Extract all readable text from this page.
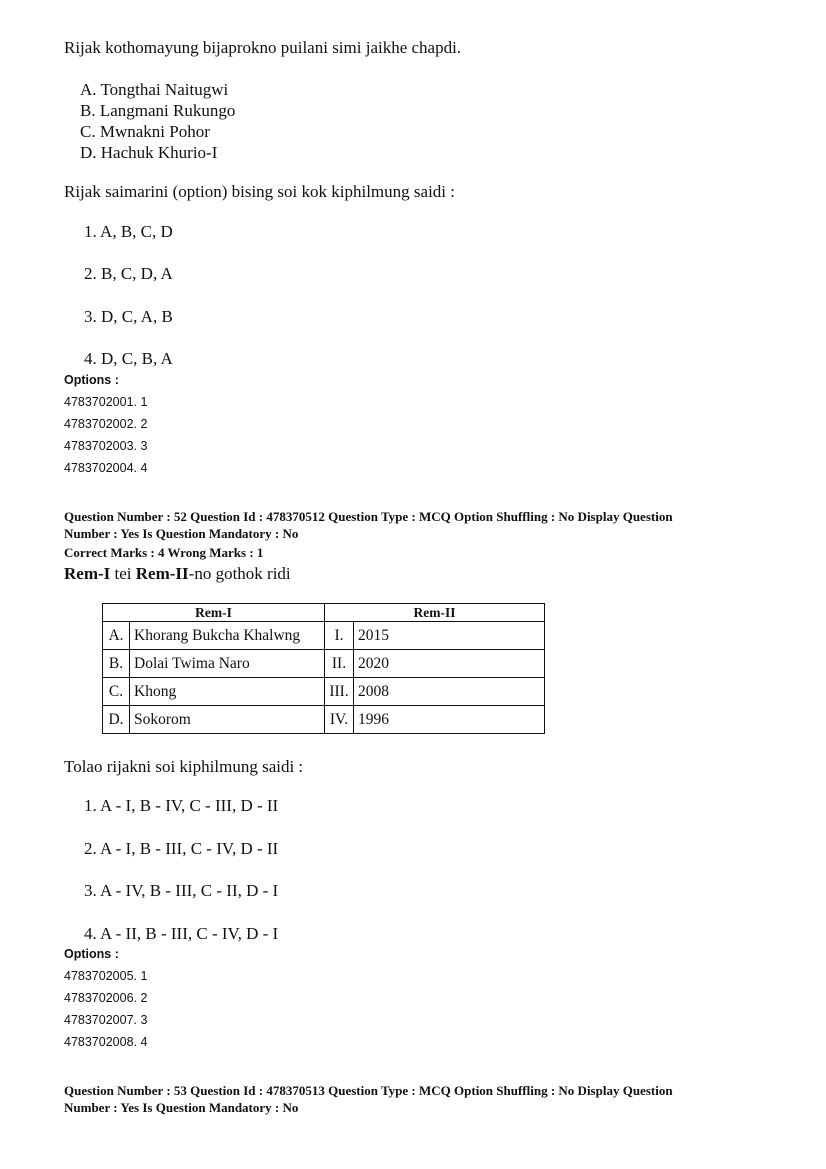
Rijak kothomayung bijaprokno puilani simi jaikhe chapdi.
A. Tongthai Naitugwi
B. Langmani Rukungo
C. Mwnakni Pohor
D. Hachuk Khurio-I
Rijak saimarini (option) bising soi kok kiphilmung saidi :
1. A, B, C, D
2. B, C, D, A
3. D, C, A, B
4. D, C, B, A
Options :
4783702001. 1
4783702002. 2
4783702003. 3
4783702004. 4
Question Number : 52 Question Id : 478370512 Question Type : MCQ Option Shuffling : No Display Question
Number : Yes Is Question Mandatory : No
Correct Marks : 4 Wrong Marks : 1
Rem-I tei Rem-II-no gothok ridi
Rem-I		Rem-II	
A.	Khorang Bukcha Khalwng	I.	2015
B.	Dolai Twima Naro	II.	2020
C.	Khong	III.	2008
D.	Sokorom	IV.	1996
Tolao rijakni soi kiphilmung saidi :
1. A - I, B - IV, C - III, D - II
2. A - I, B - III, C - IV, D - II
3. A - IV, B - III, C - II, D - I
4. A - II, B - III, C - IV, D - I
Options :
4783702005. 1
4783702006. 2
4783702007. 3
4783702008. 4
Question Number : 53 Question Id : 478370513 Question Type : MCQ Option Shuffling : No Display Question
Number : Yes Is Question Mandatory : No
